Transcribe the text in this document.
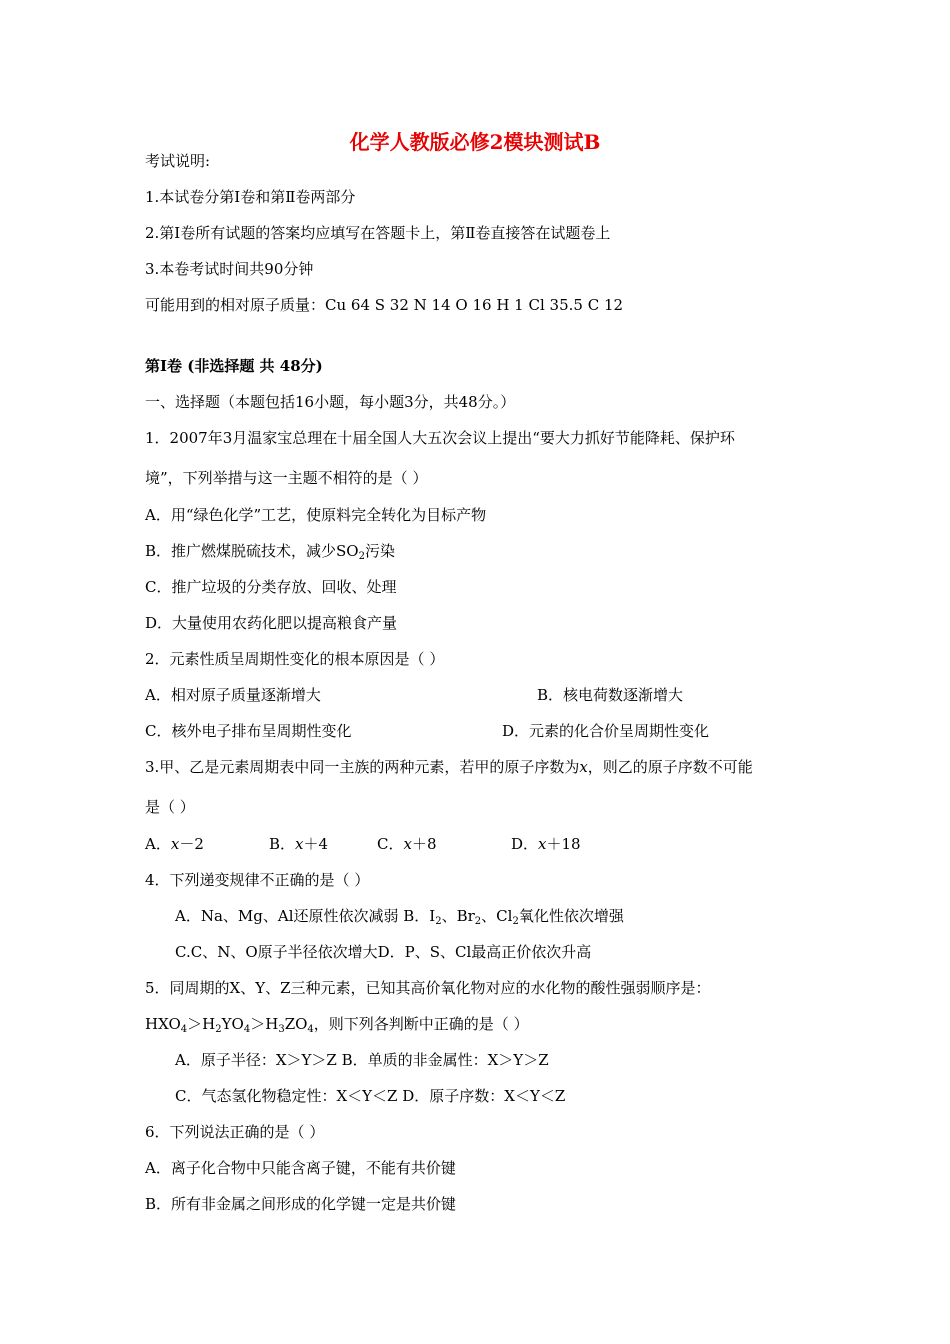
化学人教版必修2模块测试B
考试说明:
1.本试卷分第Ⅰ卷和第Ⅱ卷两部分
2.第Ⅰ卷所有试题的答案均应填写在答题卡上，第Ⅱ卷直接答在试题卷上
3.本卷考试时间共90分钟
可能用到的相对原子质量：Cu 64 S 32 N 14 O 16 H 1 Cl 35.5 C 12
第Ⅰ卷 (非选择题 共 48分)
一、选择题（本题包括16小题，每小题3分，共48分。）
1．2007年3月温家宝总理在十届全国人大五次会议上提出“要大力抓好节能降耗、保护环
境”，下列举措与这一主题不相符的是（ ）
A．用“绿色化学”工艺，使原料完全转化为目标产物
B．推广燃煤脱硫技术，减少$SO_2$污染
C．推广垃圾的分类存放、回收、处理
D．大量使用农药化肥以提高粮食产量
2．元素性质呈周期性变化的根本原因是（ ）
A．相对原子质量逐渐增大	B．核电荷数逐渐增大
C．核外电子排布呈周期性变化	D．元素的化合价呈周期性变化
3.甲、乙是元素周期表中同一主族的两种元素，若甲的原子序数为x，则乙的原子序数不可能
是（ ）
A．x－2	B．x＋4	C．x＋8	D．x＋18
4．下列递变规律不正确的是（ ）
A．Na、Mg、Al还原性依次减弱 B．$I_2$、$Br_2$、$Cl_2$氧化性依次增强
C.C、N、O原子半径依次增大D．P、S、Cl最高正价依次升高
5．同周期的X、Y、Z三种元素，已知其高价氧化物对应的水化物的酸性强弱顺序是：
$HXO_4>H_2YO_4>H_3ZO_4$，则下列各判断中正确的是（ ）
A．原子半径：X＞Y＞Z B．单质的非金属性：X＞Y＞Z
C．气态氢化物稳定性：X＜Y＜Z D．原子序数：X＜Y＜Z
6．下列说法正确的是（ ）
A．离子化合物中只能含离子键，不能有共价键
B．所有非金属之间形成的化学键一定是共价键
